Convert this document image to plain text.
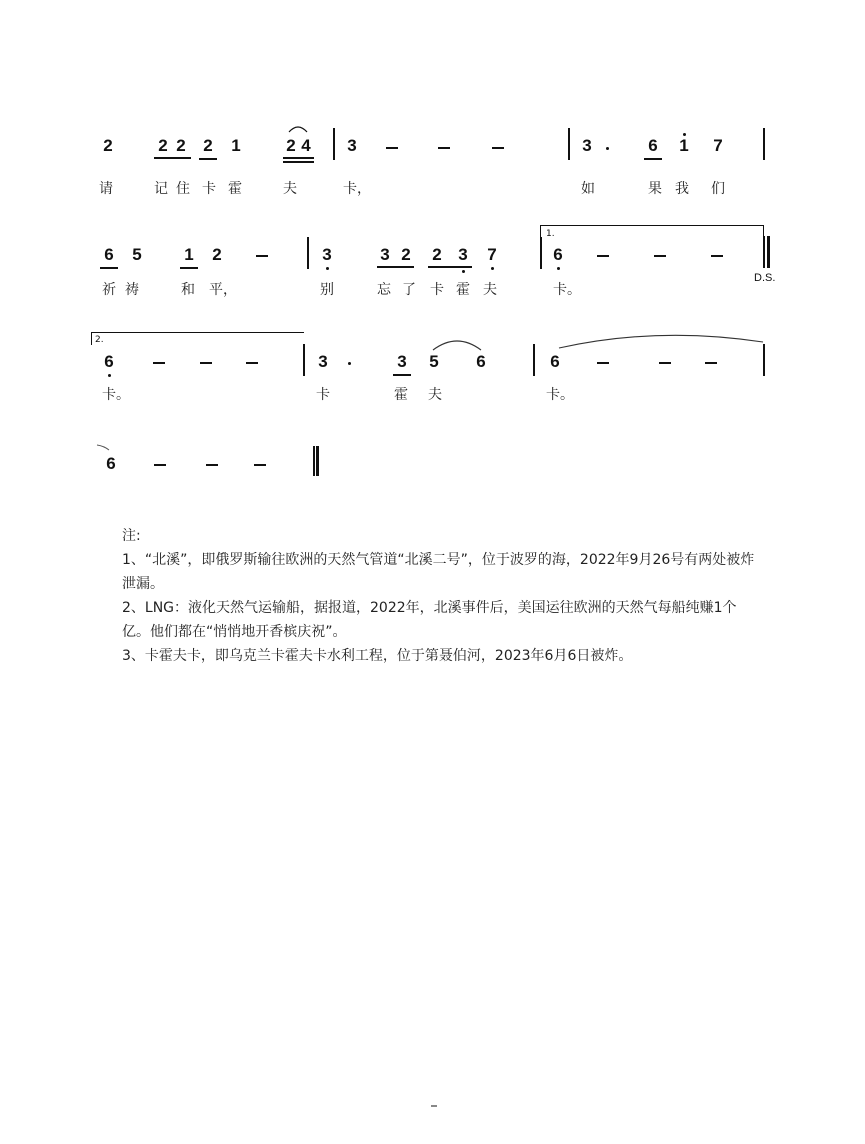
2	2 2 2 1	2 4 3	3	6 1 7
请	记 住 卡 霍	夫	卡，	如	果 我 们
6 5	1 2	3	3 2 2 3 7
1.
6
D.S.
祈 祷	和 平，	别	忘 了 卡 霍 夫	卡。
2.
6	3	3 5 6	6
卡。	卡	霍 夫	卡。
6

注:

1、“北溪”，即俄罗斯输往欧洲的天然气管道“北溪二号”，位于波罗的海，2022年9月26号有两处被炸泄漏。

2、LNG：液化天然气运输船，据报道，2022年，北溪事件后，美国运往欧洲的天然气每船纯赚1个亿。他们都在“悄悄地开香槟庆祝”。

3、卡霍夫卡，即乌克兰卡霍夫卡水利工程，位于第聂伯河，2023年6月6日被炸。
